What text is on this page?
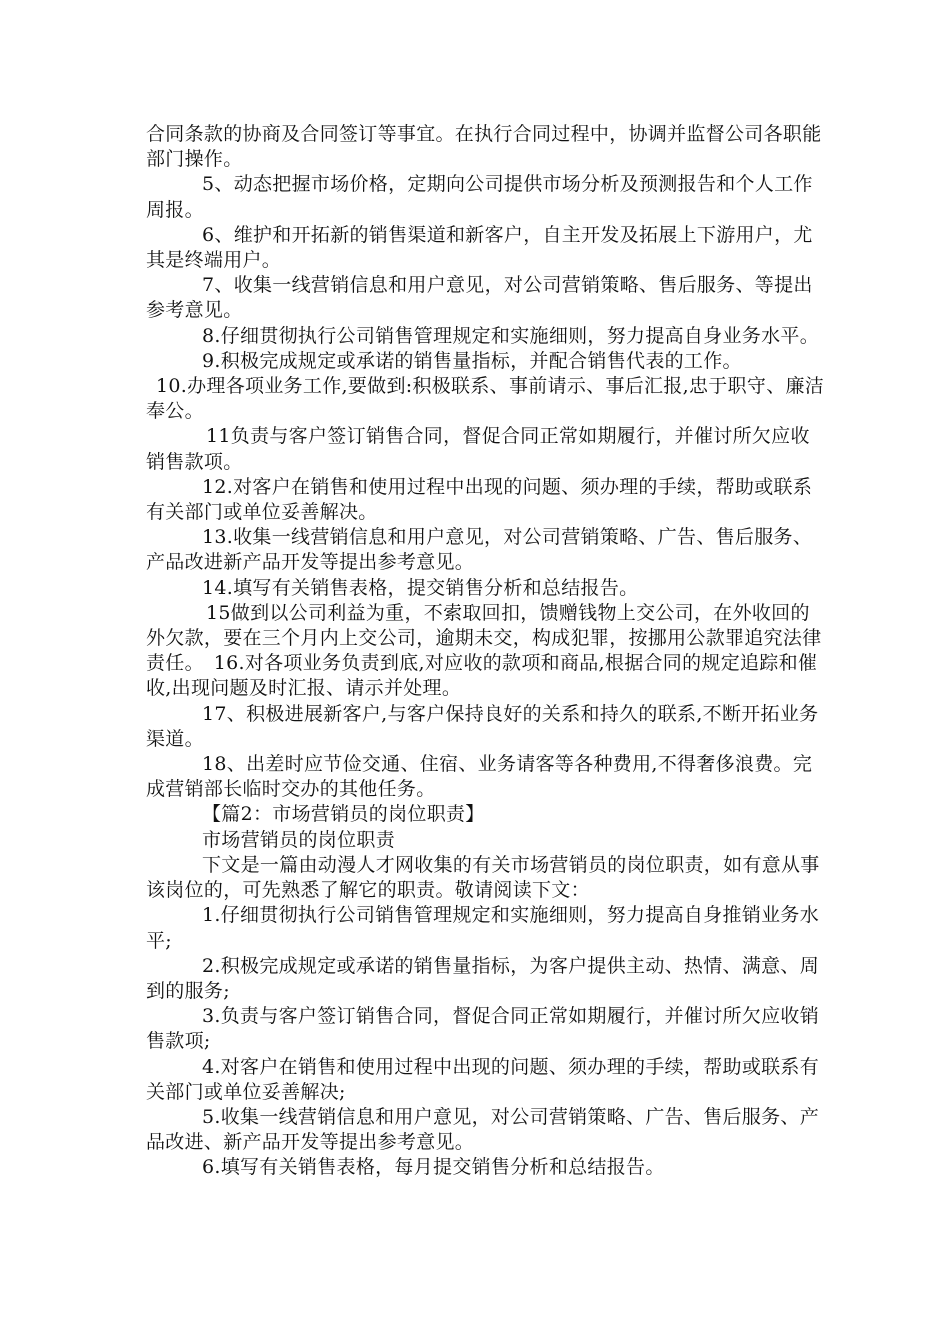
合同条款的协商及合同签订等事宜。在执行合同过程中，协调并监督公司各职能部门操作。

5、动态把握市场价格，定期向公司提供市场分析及预测报告和个人工作周报。

6、维护和开拓新的销售渠道和新客户，自主开发及拓展上下游用户，尤其是终端用户。

7、收集一线营销信息和用户意见，对公司营销策略、售后服务、等提出参考意见。

8.仔细贯彻执行公司销售管理规定和实施细则，努力提高自身业务水平。

9.积极完成规定或承诺的销售量指标，并配合销售代表的工作。

10.办理各项业务工作,要做到:积极联系、事前请示、事后汇报,忠于职守、廉洁奉公。

11负责与客户签订销售合同，督促合同正常如期履行，并催讨所欠应收销售款项。

12.对客户在销售和使用过程中出现的问题、须办理的手续，帮助或联系有关部门或单位妥善解决。

13.收集一线营销信息和用户意见，对公司营销策略、广告、售后服务、产品改进新产品开发等提出参考意见。

14.填写有关销售表格，提交销售分析和总结报告。

15做到以公司利益为重，不索取回扣，馈赠钱物上交公司，在外收回的外欠款，要在三个月内上交公司，逾期未交，构成犯罪，按挪用公款罪追究法律责任。　16.对各项业务负责到底,对应收的款项和商品,根据合同的规定追踪和催收,出现问题及时汇报、请示并处理。

17、积极进展新客户,与客户保持良好的关系和持久的联系,不断开拓业务渠道。

18、出差时应节俭交通、住宿、业务请客等各种费用,不得奢侈浪费。完成营销部长临时交办的其他任务。

【篇2：市场营销员的岗位职责】

市场营销员的岗位职责

下文是一篇由动漫人才网收集的有关市场营销员的岗位职责，如有意从事该岗位的，可先熟悉了解它的职责。敬请阅读下文：

1.仔细贯彻执行公司销售管理规定和实施细则，努力提高自身推销业务水平;

2.积极完成规定或承诺的销售量指标，为客户提供主动、热情、满意、周到的服务;

3.负责与客户签订销售合同，督促合同正常如期履行，并催讨所欠应收销售款项;

4.对客户在销售和使用过程中出现的问题、须办理的手续，帮助或联系有关部门或单位妥善解决;

5.收集一线营销信息和用户意见，对公司营销策略、广告、售后服务、产品改进、新产品开发等提出参考意见。

6.填写有关销售表格，每月提交销售分析和总结报告。
